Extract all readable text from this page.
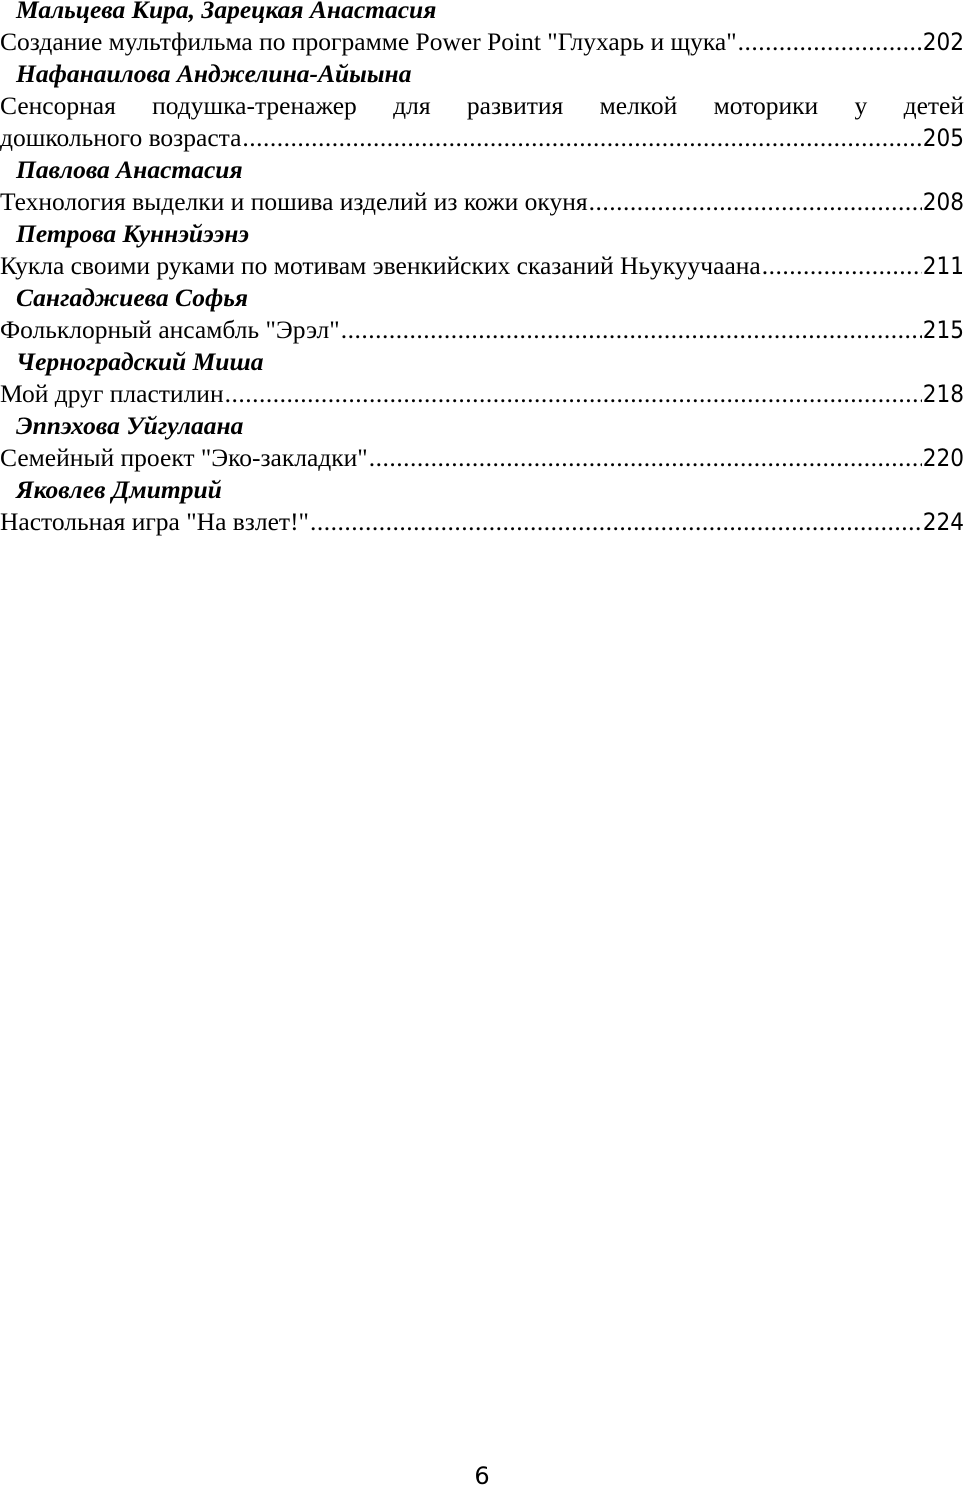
Мальцева Кира, Зарецкая Анастасия
Создание мультфильма по программе Power Point "Глухарь и щука" .....	202
Нафанаилова Анджелина-Айыына
Сенсорная подушка-тренажер для развития мелкой моторики у детей
дошкольного возраста .....	205
Павлова Анастасия
Технология выделки и пошива изделий из кожи окуня .....	208
Петрова Куннэйээнэ
Кукла своими руками по мотивам эвенкийских сказаний Ньукуучаана .....	211
Сангаджиева Софья
Фольклорный ансамбль "Эрэл" .....	215
Черноградский Миша
Мой друг пластилин .....	218
Эппэхова Уйгулаана
Семейный проект "Эко-закладки" .....	220
Яковлев Дмитрий
Настольная игра "На взлет!" .....	224
6
